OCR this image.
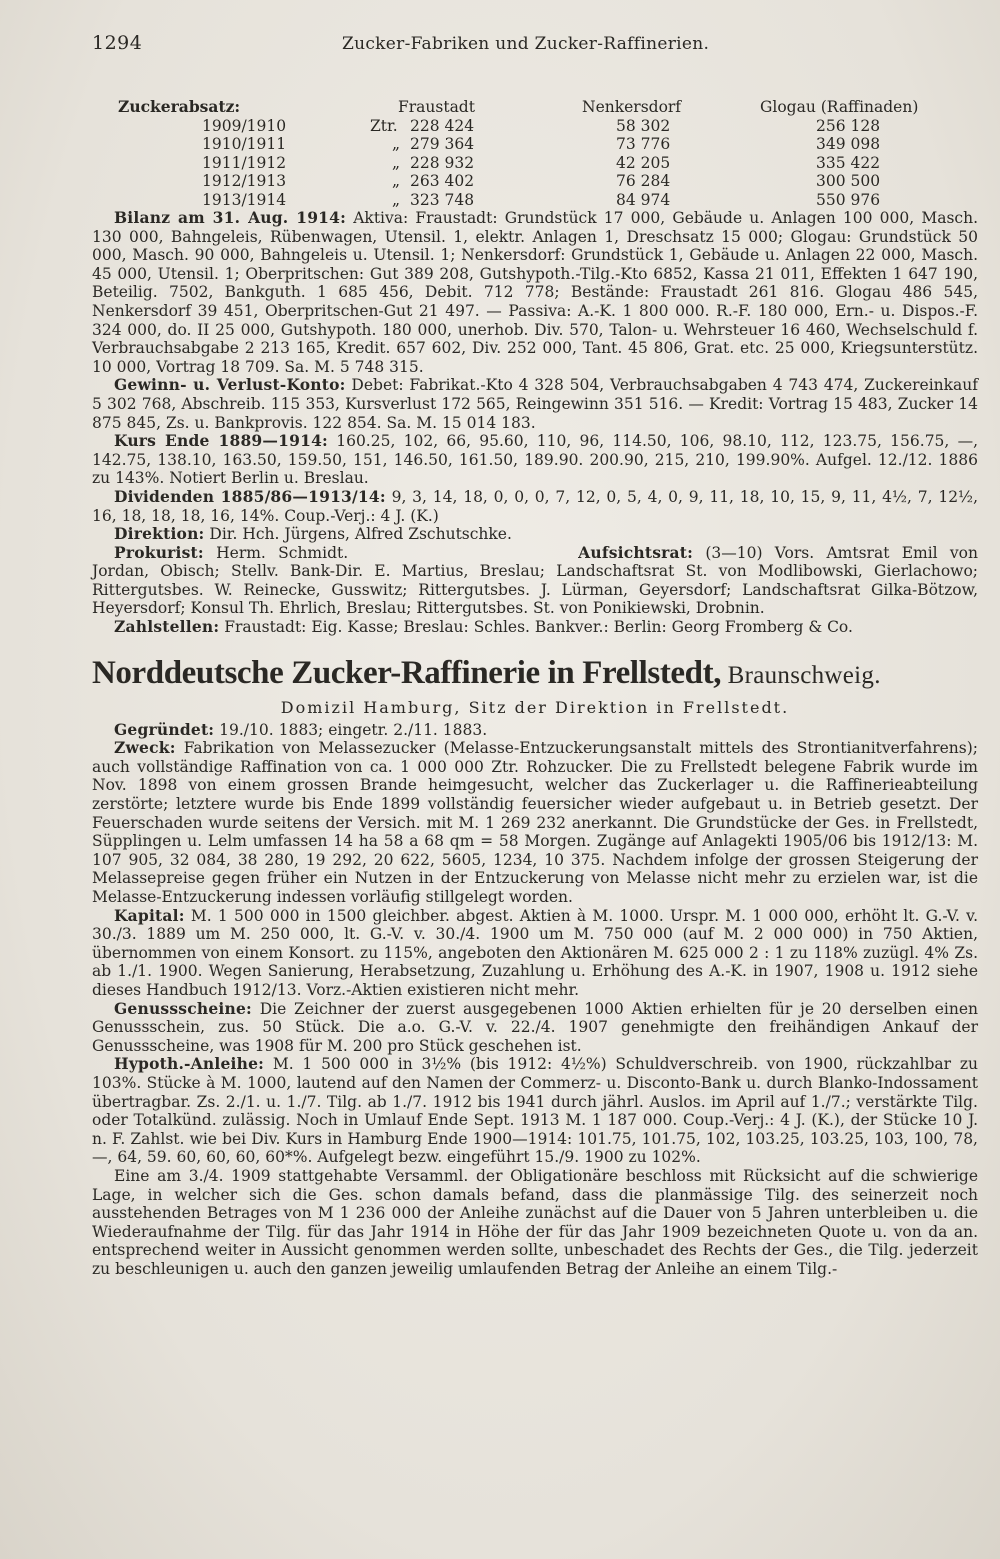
1294	Zucker-Fabriken und Zucker-Raffinerien.
Zuckerabsatz:	Fraustadt	Nenkersdorf	Glogau (Raffinaden)
1909/1910	Ztr. 228 424	58 302	256 128
1910/1911	„ 279 364	73 776	349 098
1911/1912	„ 228 932	42 205	335 422
1912/1913	„ 263 402	76 284	300 500
1913/1914	„ 323 748	84 974	550 976

Bilanz am 31. Aug. 1914: Aktiva: Fraustadt: Grundstück 17 000, Gebäude u. Anlagen 100 000, Masch. 130 000, Bahngeleis, Rübenwagen, Utensil. 1, elektr. Anlagen 1, Dreschsatz 15 000; Glogau: Grundstück 50 000, Masch. 90 000, Bahngeleis u. Utensil. 1; Nenkersdorf: Grundstück 1, Gebäude u. Anlagen 22 000, Masch. 45 000, Utensil. 1; Oberpritschen: Gut 389 208, Gutshypoth.-Tilg.-Kto 6852, Kassa 21 011, Effekten 1 647 190, Beteilig. 7502, Bankguth. 1 685 456, Debit. 712 778; Bestände: Fraustadt 261 816. Glogau 486 545, Nenkersdorf 39 451, Oberpritschen-Gut 21 497. — Passiva: A.-K. 1 800 000. R.-F. 180 000, Ern.- u. Dispos.-F. 324 000, do. II 25 000, Gutshypoth. 180 000, unerhob. Div. 570, Talon- u. Wehrsteuer 16 460, Wechselschuld f. Verbrauchsabgabe 2 213 165, Kredit. 657 602, Div. 252 000, Tant. 45 806, Grat. etc. 25 000, Kriegsunterstütz. 10 000, Vortrag 18 709. Sa. M. 5 748 315.

Gewinn- u. Verlust-Konto: Debet: Fabrikat.-Kto 4 328 504, Verbrauchsabgaben 4 743 474, Zuckereinkauf 5 302 768, Abschreib. 115 353, Kursverlust 172 565, Reingewinn 351 516. — Kredit: Vortrag 15 483, Zucker 14 875 845, Zs. u. Bankprovis. 122 854. Sa. M. 15 014 183.

Kurs Ende 1889—1914: 160.25, 102, 66, 95.60, 110, 96, 114.50, 106, 98.10, 112, 123.75, 156.75, —, 142.75, 138.10, 163.50, 159.50, 151, 146.50, 161.50, 189.90. 200.90, 215, 210, 199.90%. Aufgel. 12./12. 1886 zu 143%. Notiert Berlin u. Breslau.

Dividenden 1885/86—1913/14: 9, 3, 14, 18, 0, 0, 0, 7, 12, 0, 5, 4, 0, 9, 11, 18, 10, 15, 9, 11, 4½, 7, 12½, 16, 18, 18, 18, 16, 14%. Coup.-Verj.: 4 J. (K.)

Direktion: Dir. Hch. Jürgens, Alfred Zschutschke.

Prokurist: Herm. Schmidt.	Aufsichtsrat: (3—10) Vors. Amtsrat Emil von Jordan, Obisch; Stellv. Bank-Dir. E. Martius, Breslau; Landschaftsrat St. von Modlibowski, Gierlachowo; Rittergutsbes. W. Reinecke, Gusswitz; Rittergutsbes. J. Lürman, Geyersdorf; Landschaftsrat Gilka-Bötzow, Heyersdorf; Konsul Th. Ehrlich, Breslau; Rittergutsbes. St. von Ponikiewski, Drobnin.

Zahlstellen: Fraustadt: Eig. Kasse; Breslau: Schles. Bankver.: Berlin: Georg Fromberg & Co.

Norddeutsche Zucker-Raffinerie in Frellstedt, Braunschweig.
Domizil Hamburg, Sitz der Direktion in Frellstedt.

Gegründet: 19./10. 1883; eingetr. 2./11. 1883.

Zweck: Fabrikation von Melassezucker (Melasse-Entzuckerungsanstalt mittels des Strontianitverfahrens); auch vollständige Raffination von ca. 1 000 000 Ztr. Rohzucker. Die zu Frellstedt belegene Fabrik wurde im Nov. 1898 von einem grossen Brande heimgesucht, welcher das Zuckerlager u. die Raffinerieabteilung zerstörte; letztere wurde bis Ende 1899 vollständig feuersicher wieder aufgebaut u. in Betrieb gesetzt. Der Feuerschaden wurde seitens der Versich. mit M. 1 269 232 anerkannt. Die Grundstücke der Ges. in Frellstedt, Süpplingen u. Lelm umfassen 14 ha 58 a 68 qm = 58 Morgen. Zugänge auf Anlagekti 1905/06 bis 1912/13: M. 107 905, 32 084, 38 280, 19 292, 20 622, 5605, 1234, 10 375. Nachdem infolge der grossen Steigerung der Melassepreise gegen früher ein Nutzen in der Entzuckerung von Melasse nicht mehr zu erzielen war, ist die Melasse-Entzuckerung indessen vorläufig stillgelegt worden.

Kapital: M. 1 500 000 in 1500 gleichber. abgest. Aktien à M. 1000. Urspr. M. 1 000 000, erhöht lt. G.-V. v. 30./3. 1889 um M. 250 000, lt. G.-V. v. 30./4. 1900 um M. 750 000 (auf M. 2 000 000) in 750 Aktien, übernommen von einem Konsort. zu 115%, angeboten den Aktionären M. 625 000 2 : 1 zu 118% zuzügl. 4% Zs. ab 1./1. 1900. Wegen Sanierung, Herabsetzung, Zuzahlung u. Erhöhung des A.-K. in 1907, 1908 u. 1912 siehe dieses Handbuch 1912/13. Vorz.-Aktien existieren nicht mehr.

Genussscheine: Die Zeichner der zuerst ausgegebenen 1000 Aktien erhielten für je 20 derselben einen Genussschein, zus. 50 Stück. Die a.o. G.-V. v. 22./4. 1907 genehmigte den freihändigen Ankauf der Genussscheine, was 1908 für M. 200 pro Stück geschehen ist.

Hypoth.-Anleihe: M. 1 500 000 in 3½% (bis 1912: 4½%) Schuldverschreib. von 1900, rückzahlbar zu 103%. Stücke à M. 1000, lautend auf den Namen der Commerz- u. Disconto-Bank u. durch Blanko-Indossament übertragbar. Zs. 2./1. u. 1./7. Tilg. ab 1./7. 1912 bis 1941 durch jährl. Auslos. im April auf 1./7.; verstärkte Tilg. oder Totalkünd. zulässig. Noch in Umlauf Ende Sept. 1913 M. 1 187 000. Coup.-Verj.: 4 J. (K.), der Stücke 10 J. n. F. Zahlst. wie bei Div. Kurs in Hamburg Ende 1900—1914: 101.75, 101.75, 102, 103.25, 103.25, 103, 100, 78, —, 64, 59. 60, 60, 60, 60*%. Aufgelegt bezw. eingeführt 15./9. 1900 zu 102%.

Eine am 3./4. 1909 stattgehabte Versamml. der Obligationäre beschloss mit Rücksicht auf die schwierige Lage, in welcher sich die Ges. schon damals befand, dass die planmässige Tilg. des seinerzeit noch ausstehenden Betrages von M 1 236 000 der Anleihe zunächst auf die Dauer von 5 Jahren unterbleiben u. die Wiederaufnahme der Tilg. für das Jahr 1914 in Höhe der für das Jahr 1909 bezeichneten Quote u. von da an. entsprechend weiter in Aussicht genommen werden sollte, unbeschadet des Rechts der Ges., die Tilg. jederzeit zu beschleunigen u. auch den ganzen jeweilig umlaufenden Betrag der Anleihe an einem Tilg.-
